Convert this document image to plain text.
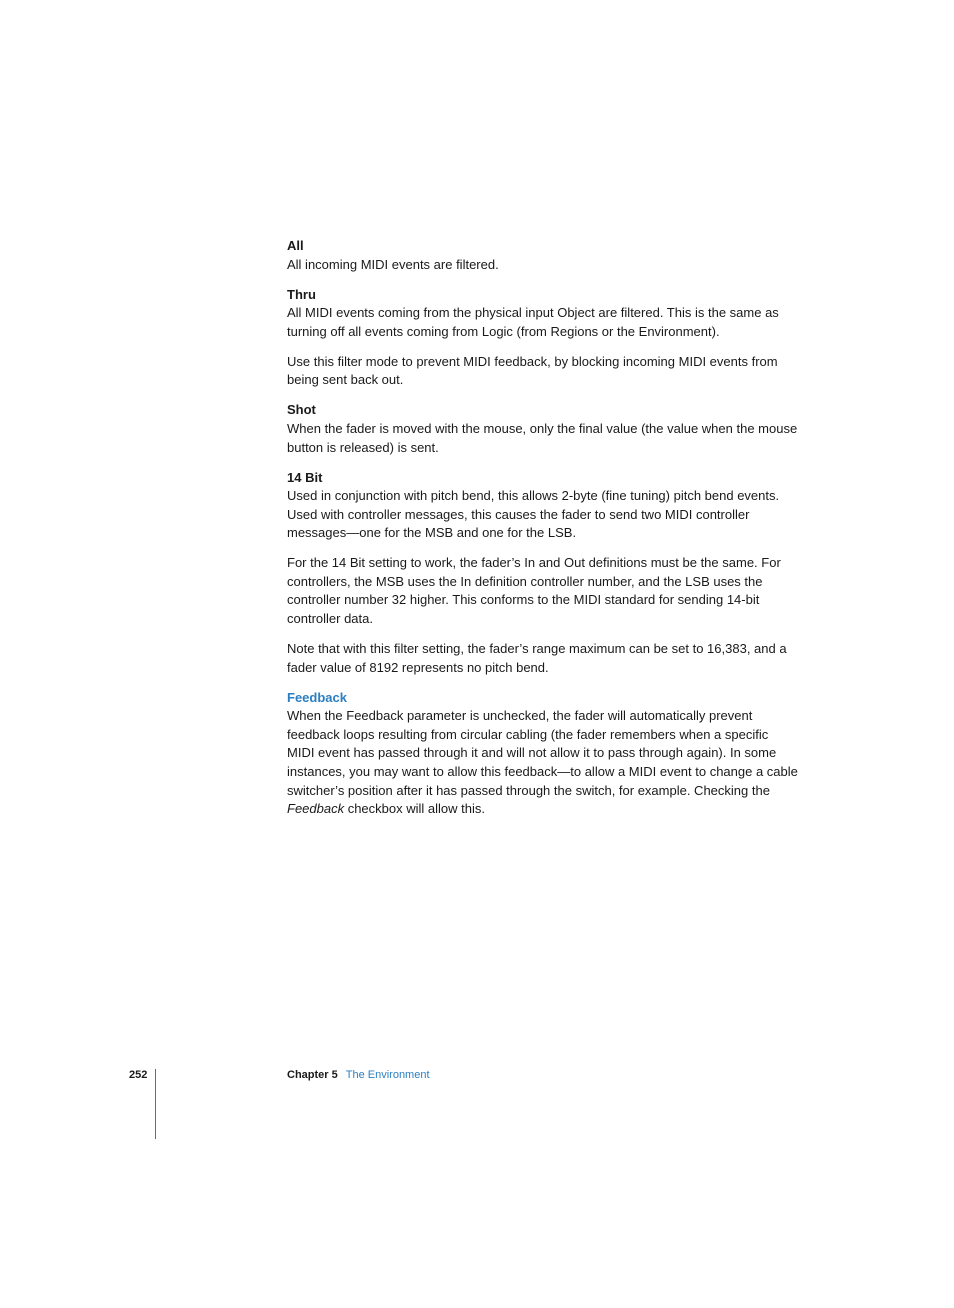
All

All incoming MIDI events are filtered.

Thru

All MIDI events coming from the physical input Object are filtered. This is the same as turning off all events coming from Logic (from Regions or the Environment).

Use this filter mode to prevent MIDI feedback, by blocking incoming MIDI events from being sent back out.

Shot

When the fader is moved with the mouse, only the final value (the value when the mouse button is released) is sent.

14 Bit

Used in conjunction with pitch bend, this allows 2-byte (fine tuning) pitch bend events. Used with controller messages, this causes the fader to send two MIDI controller messages—one for the MSB and one for the LSB.

For the 14 Bit setting to work, the fader’s In and Out definitions must be the same. For controllers, the MSB uses the In definition controller number, and the LSB uses the controller number 32 higher. This conforms to the MIDI standard for sending 14-bit controller data.

Note that with this filter setting, the fader’s range maximum can be set to 16,383, and a fader value of 8192 represents no pitch bend.

Feedback

When the Feedback parameter is unchecked, the fader will automatically prevent feedback loops resulting from circular cabling (the fader remembers when a specific MIDI event has passed through it and will not allow it to pass through again). In some instances, you may want to allow this feedback—to allow a MIDI event to change a cable switcher’s position after it has passed through the switch, for example. Checking the Feedback checkbox will allow this.

252	Chapter 5 The Environment
